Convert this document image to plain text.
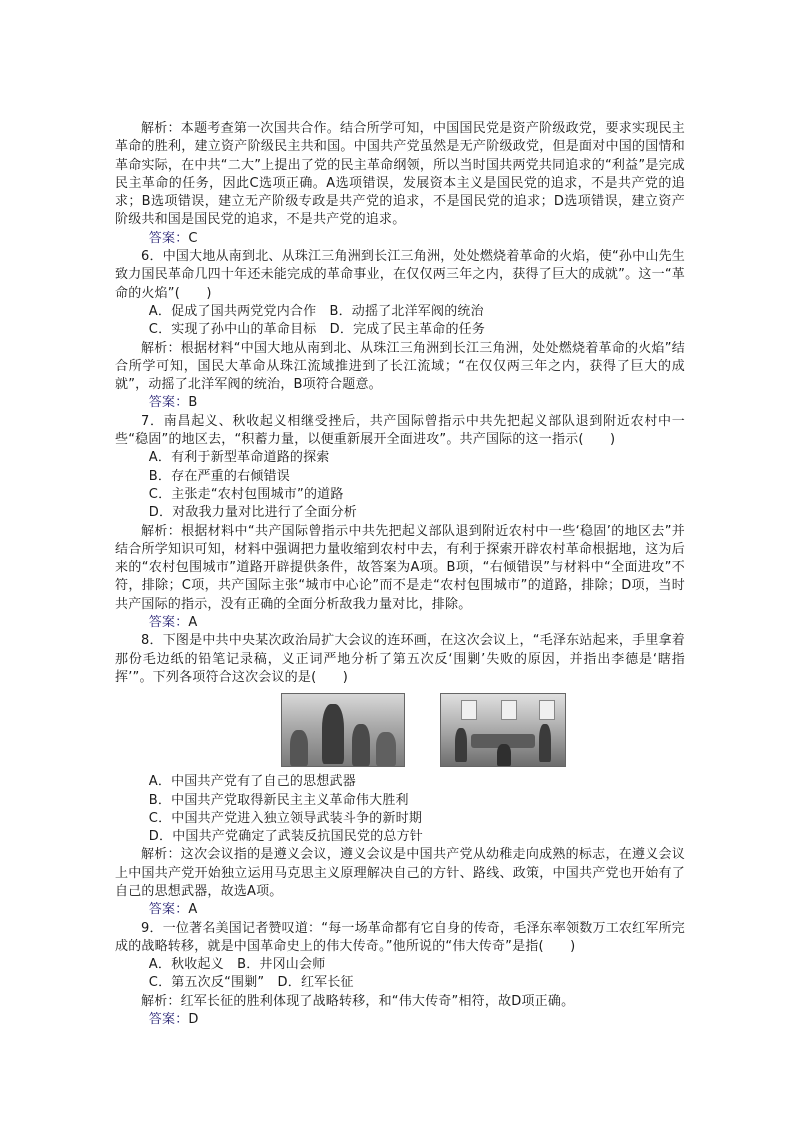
解析：本题考查第一次国共合作。结合所学可知，中国国民党是资产阶级政党，要求实现民主革命的胜利，建立资产阶级民主共和国。中国共产党虽然是无产阶级政党，但是面对中国的国情和革命实际，在中共“二大”上提出了党的民主革命纲领，所以当时国共两党共同追求的“利益”是完成民主革命的任务，因此C选项正确。A选项错误，发展资本主义是国民党的追求，不是共产党的追求；B选项错误，建立无产阶级专政是共产党的追求，不是国民党的追求；D选项错误，建立资产阶级共和国是国民党的追求，不是共产党的追求。

答案：C

6．中国大地从南到北、从珠江三角洲到长江三角洲，处处燃烧着革命的火焰，使“孙中山先生致力国民革命几四十年还未能完成的革命事业，在仅仅两三年之内，获得了巨大的成就”。这一“革命的火焰”(　　)

A．促成了国共两党党内合作　B．动摇了北洋军阀的统治

C．实现了孙中山的革命目标　D．完成了民主革命的任务

解析：根据材料“中国大地从南到北、从珠江三角洲到长江三角洲，处处燃烧着革命的火焰”结合所学可知，国民大革命从珠江流域推进到了长江流域；“在仅仅两三年之内，获得了巨大的成就”，动摇了北洋军阀的统治，B项符合题意。

答案：B

7．南昌起义、秋收起义相继受挫后，共产国际曾指示中共先把起义部队退到附近农村中一些“稳固”的地区去，“积蓄力量，以便重新展开全面进攻”。共产国际的这一指示(　　)

A．有利于新型革命道路的探索

B．存在严重的右倾错误

C．主张走“农村包围城市”的道路

D．对敌我力量对比进行了全面分析

解析：根据材料中“共产国际曾指示中共先把起义部队退到附近农村中一些‘稳固’的地区去”并结合所学知识可知，材料中强调把力量收缩到农村中去，有利于探索开辟农村革命根据地，这为后来的“农村包围城市”道路开辟提供条件，故答案为A项。B项，“右倾错误”与材料中“全面进攻”不符，排除；C项，共产国际主张“城市中心论”而不是走“农村包围城市”的道路，排除；D项，当时共产国际的指示，没有正确的全面分析敌我力量对比，排除。

答案：A

8．下图是中共中央某次政治局扩大会议的连环画，在这次会议上，“毛泽东站起来，手里拿着那份毛边纸的铅笔记录稿，义正词严地分析了第五次反‘围剿’失败的原因，并指出李德是‘瞎指挥’”。下列各项符合这次会议的是(　　)

A．中国共产党有了自己的思想武器

B．中国共产党取得新民主主义革命伟大胜利

C．中国共产党进入独立领导武装斗争的新时期

D．中国共产党确定了武装反抗国民党的总方针

解析：这次会议指的是遵义会议，遵义会议是中国共产党从幼稚走向成熟的标志，在遵义会议上中国共产党开始独立运用马克思主义原理解决自己的方针、路线、政策，中国共产党也开始有了自己的思想武器，故选A项。

答案：A

9．一位著名美国记者赞叹道：“每一场革命都有它自身的传奇，毛泽东率领数万工农红军所完成的战略转移，就是中国革命史上的伟大传奇。”他所说的“伟大传奇”是指(　　)

A．秋收起义　B．井冈山会师

C．第五次反“围剿”　D．红军长征

解析：红军长征的胜利体现了战略转移，和“伟大传奇”相符，故D项正确。

答案：D
